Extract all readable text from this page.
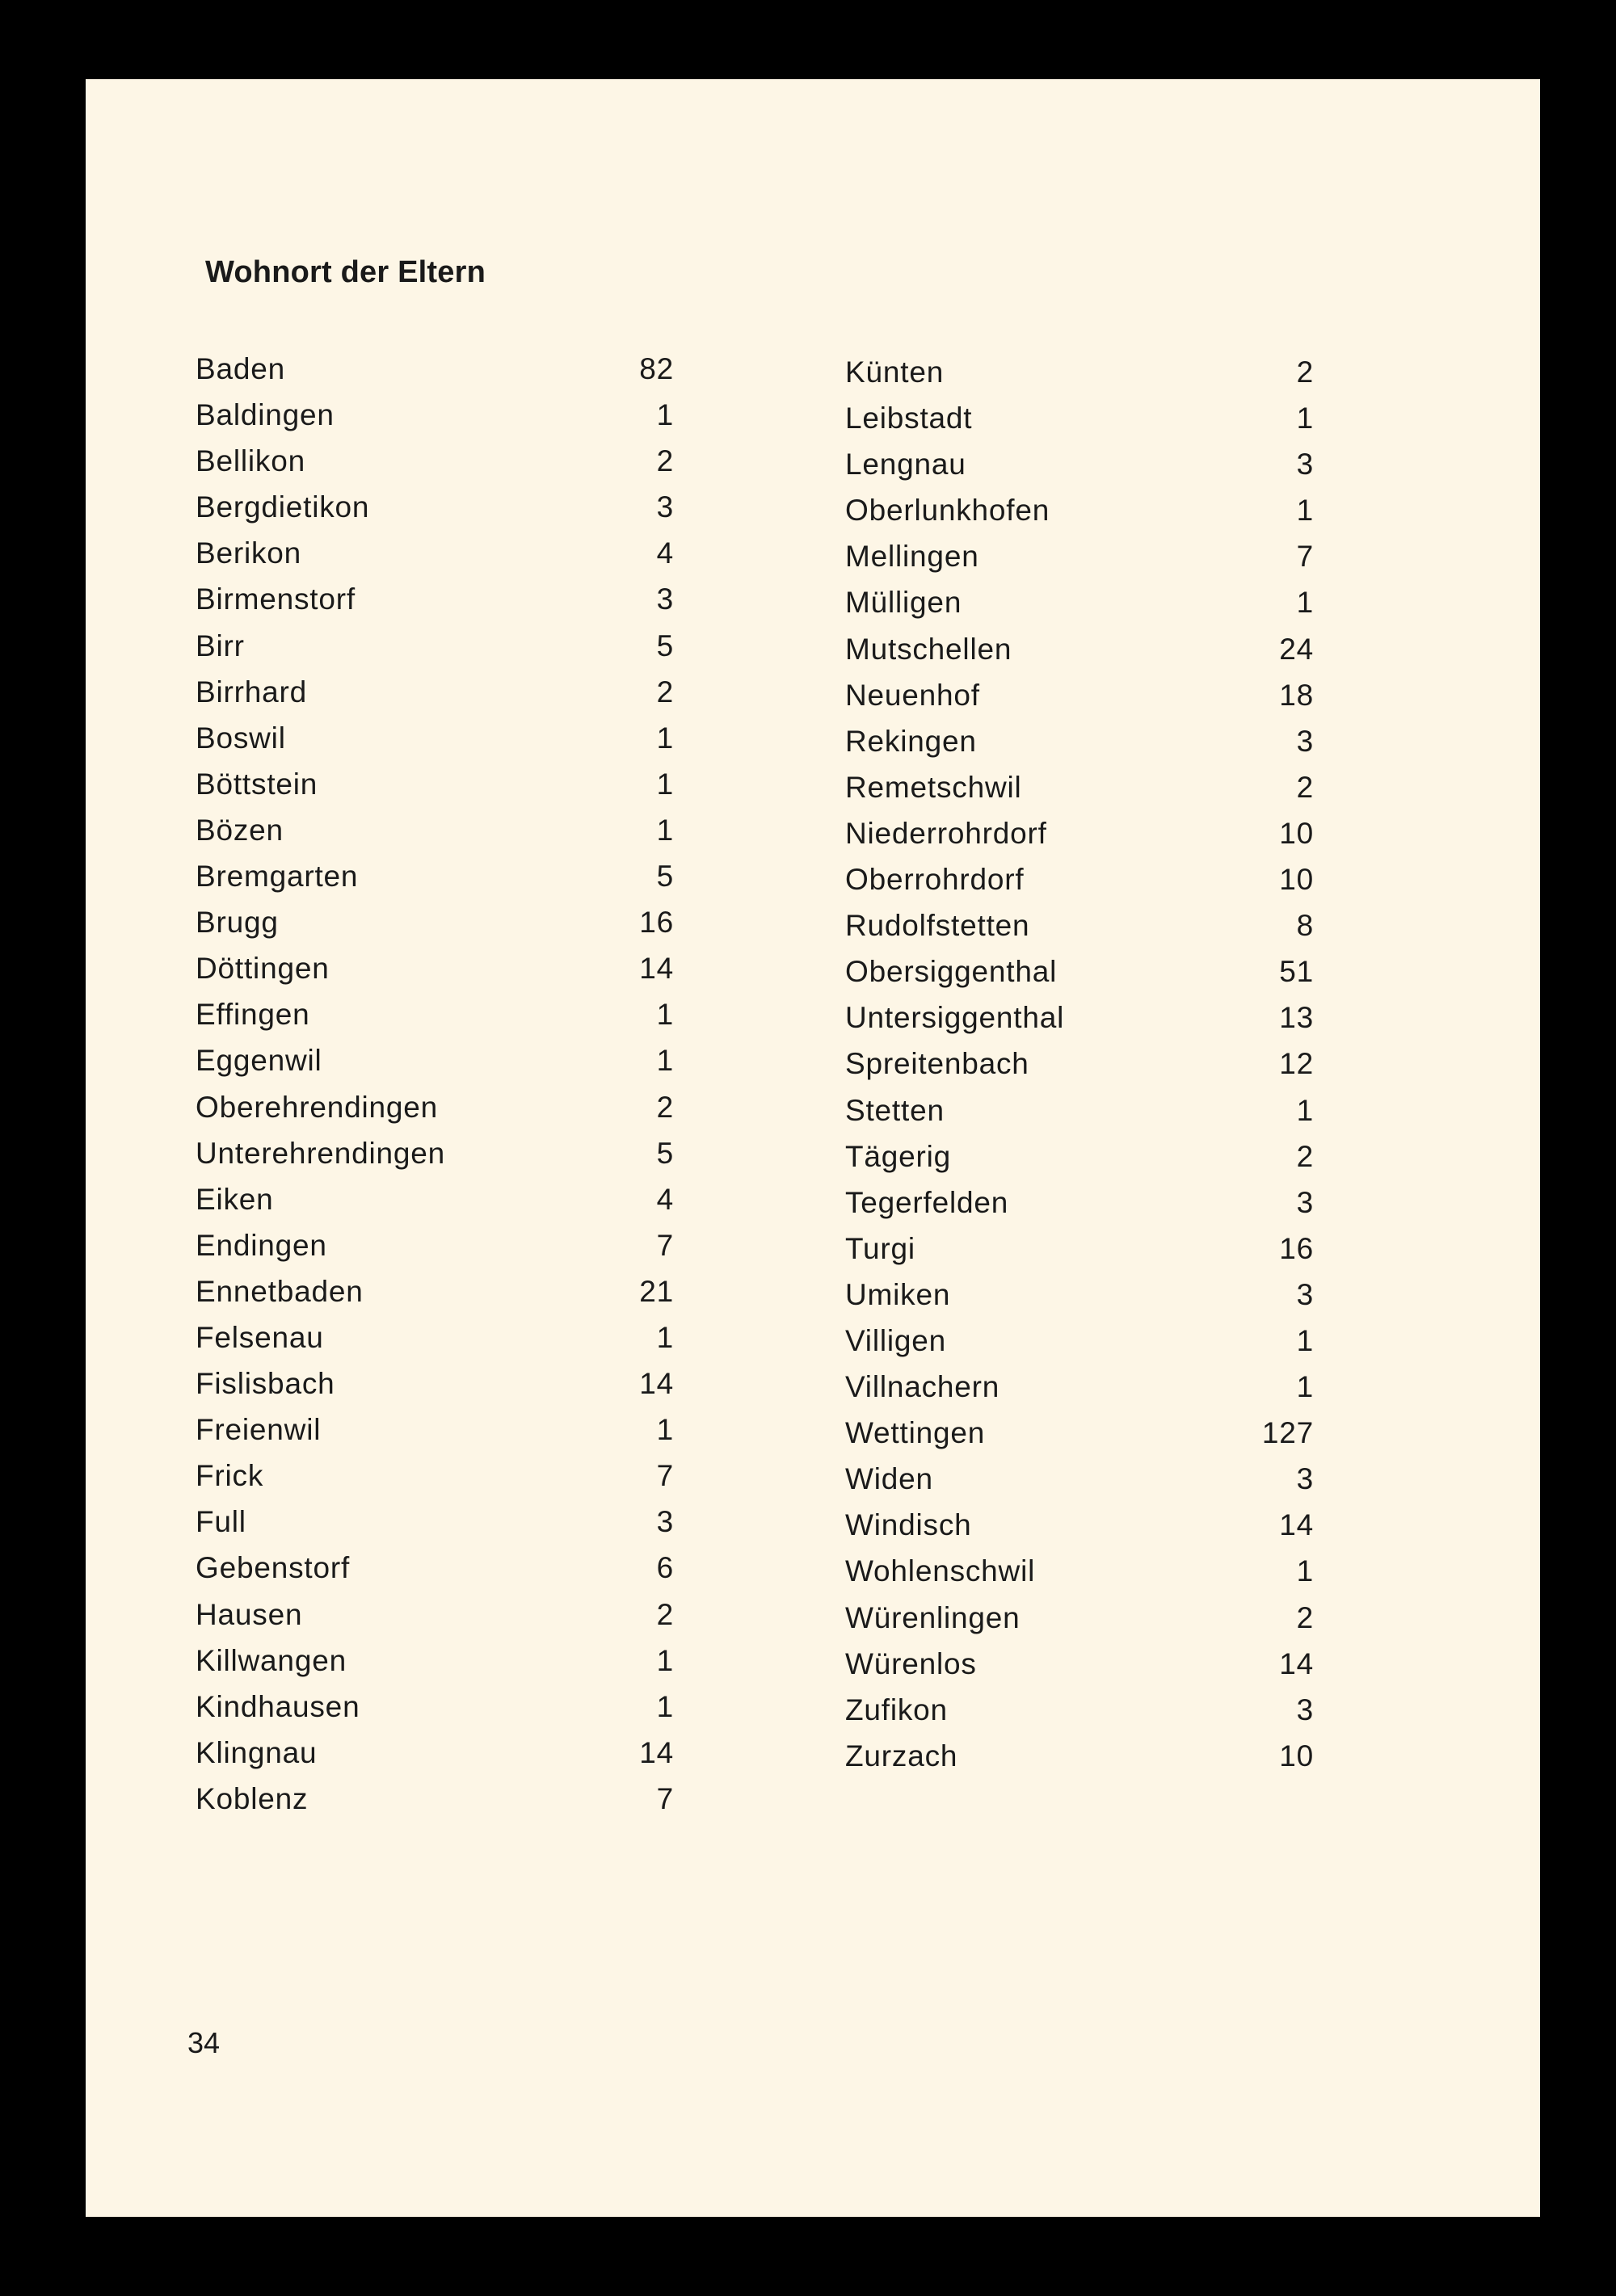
Wohnort der Eltern
Baden	82
Baldingen	1
Bellikon	2
Bergdietikon	3
Berikon	4
Birmenstorf	3
Birr	5
Birrhard	2
Boswil	1
Böttstein	1
Bözen	1
Bremgarten	5
Brugg	16
Döttingen	14
Effingen	1
Eggenwil	1
Oberehrendingen	2
Unterehrendingen	5
Eiken	4
Endingen	7
Ennetbaden	21
Felsenau	1
Fislisbach	14
Freienwil	1
Frick	7
Full	3
Gebenstorf	6
Hausen	2
Killwangen	1
Kindhausen	1
Klingnau	14
Koblenz	7
Künten	2
Leibstadt	1
Lengnau	3
Oberlunkhofen	1
Mellingen	7
Mülligen	1
Mutschellen	24
Neuenhof	18
Rekingen	3
Remetschwil	2
Niederrohrdorf	10
Oberrohrdorf	10
Rudolfstetten	8
Obersiggenthal	51
Untersiggenthal	13
Spreitenbach	12
Stetten	1
Tägerig	2
Tegerfelden	3
Turgi	16
Umiken	3
Villigen	1
Villnachern	1
Wettingen	127
Widen	3
Windisch	14
Wohlenschwil	1
Würenlingen	2
Würenlos	14
Zufikon	3
Zurzach	10
34
